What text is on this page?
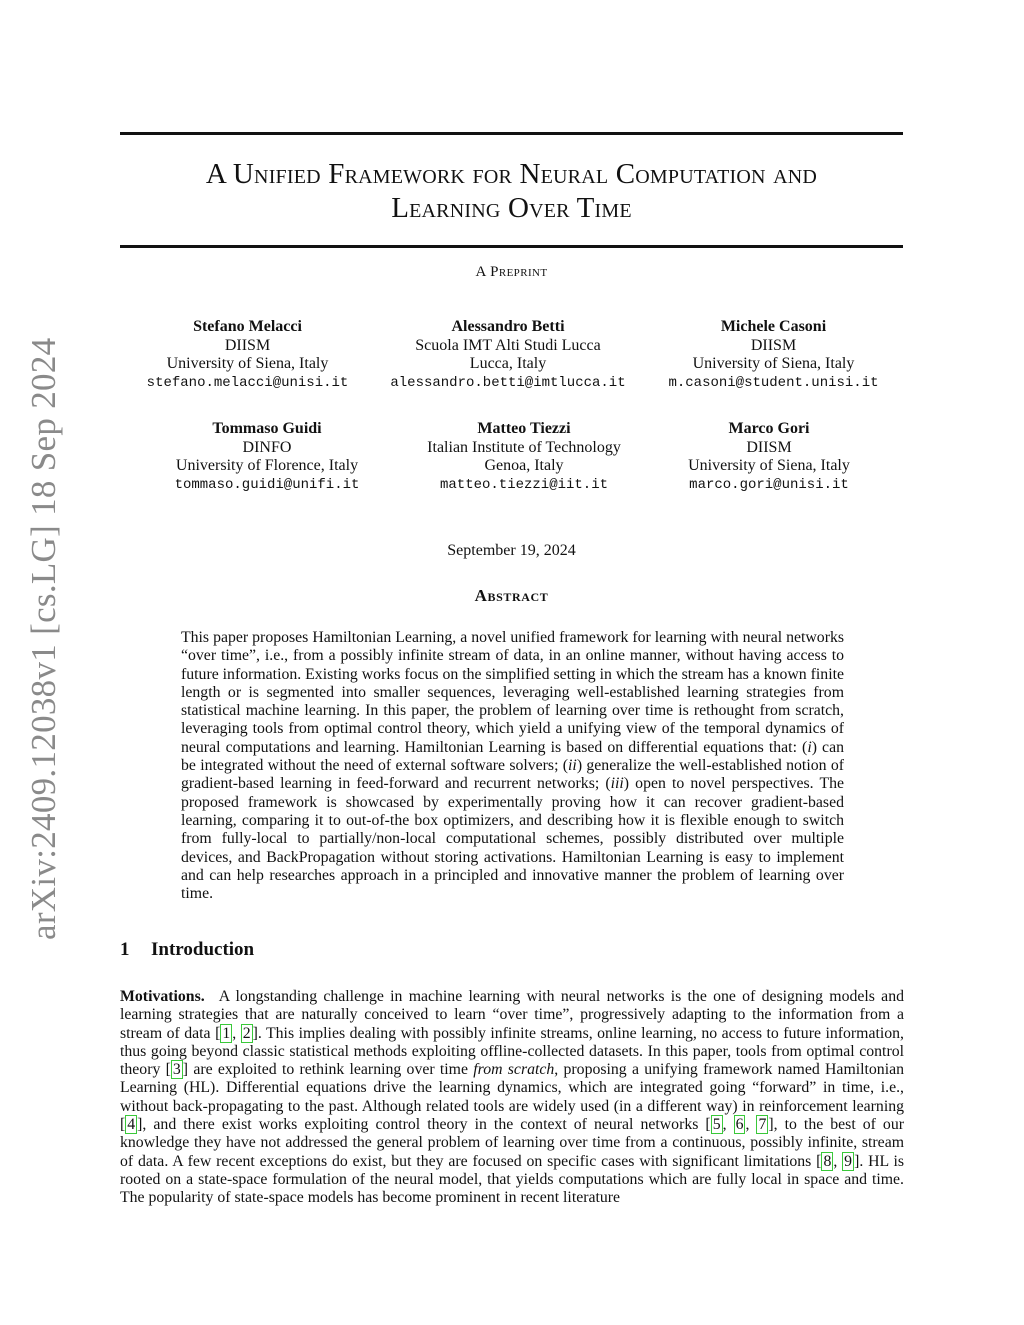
arXiv:2409.12038v1 [cs.LG] 18 Sep 2024
A Unified Framework for Neural Computation and
Learning Over Time
A Preprint
Stefano Melacci
DIISM
University of Siena, Italy
stefano.melacci@unisi.it
Alessandro Betti
Scuola IMT Alti Studi Lucca
Lucca, Italy
alessandro.betti@imtlucca.it
Michele Casoni
DIISM
University of Siena, Italy
m.casoni@student.unisi.it
Tommaso Guidi
DINFO
University of Florence, Italy
tommaso.guidi@unifi.it
Matteo Tiezzi
Italian Institute of Technology
Genoa, Italy
matteo.tiezzi@iit.it
Marco Gori
DIISM
University of Siena, Italy
marco.gori@unisi.it
September 19, 2024
Abstract
This paper proposes Hamiltonian Learning, a novel unified framework for learning with neural networks “over time”, i.e., from a possibly infinite stream of data, in an online manner, without having access to future information. Existing works focus on the simplified setting in which the stream has a known finite length or is segmented into smaller sequences, leveraging well-established learning strategies from statistical machine learning. In this paper, the problem of learning over time is rethought from scratch, leveraging tools from optimal control theory, which yield a unifying view of the temporal dynamics of neural computations and learning. Hamiltonian Learning is based on differential equations that: (i) can be integrated without the need of external software solvers; (ii) generalize the well-established notion of gradient-based learning in feed-forward and recurrent networks; (iii) open to novel perspectives. The proposed framework is showcased by experimentally proving how it can recover gradient-based learning, comparing it to out-of-the box optimizers, and describing how it is flexible enough to switch from fully-local to partially/non-local computational schemes, possibly distributed over multiple devices, and BackPropagation without storing activations. Hamiltonian Learning is easy to implement and can help researches approach in a principled and innovative manner the problem of learning over time.
1 Introduction
Motivations. A longstanding challenge in machine learning with neural networks is the one of designing models and learning strategies that are naturally conceived to learn “over time”, progressively adapting to the information from a stream of data [ 1 , 2 ]. This implies dealing with possibly infinite streams, online learning, no access to future information, thus going beyond classic statistical methods exploiting offline-collected datasets. In this paper, tools from optimal control theory [ 3 ] are exploited to rethink learning over time from scratch, proposing a unifying framework named Hamiltonian Learning (HL). Differential equations drive the learning dynamics, which are integrated going “forward” in time, i.e., without back-propagating to the past. Although related tools are widely used (in a different way) in reinforcement learning [ 4 ], and there exist works exploiting control theory in the context of neural networks [ 5 , 6 , 7 ], to the best of our knowledge they have not addressed the general problem of learning over time from a continuous, possibly infinite, stream of data. A few recent exceptions do exist, but they are focused on specific cases with significant limitations [ 8 , 9 ]. HL is rooted on a state-space formulation of the neural model, that yields computations which are fully local in space and time. The popularity of state-space models has become prominent in recent literature
